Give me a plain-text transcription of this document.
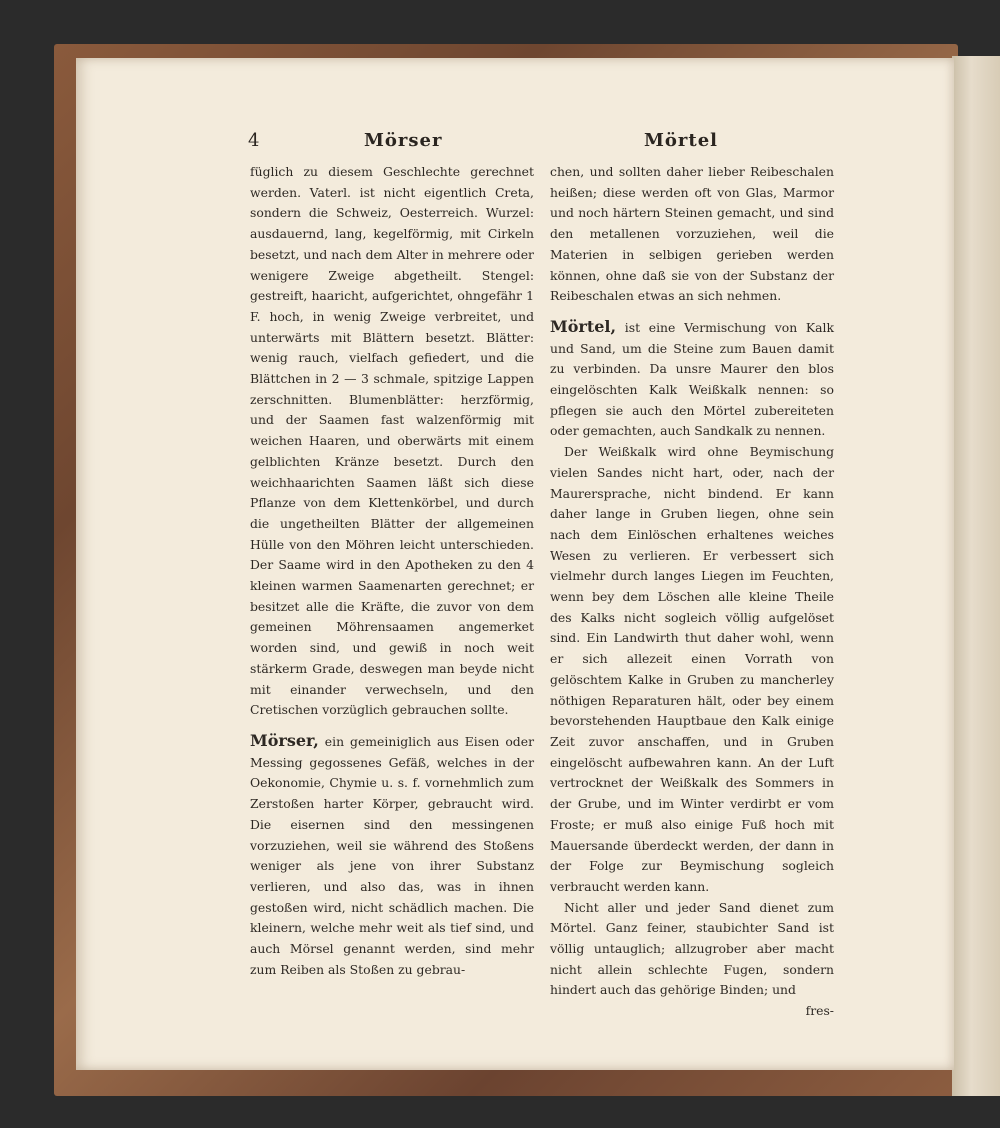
4	Mörser	Mörtel

füglich zu diesem Geschlechte gerechnet werden. Vaterl. ist nicht eigentlich Creta, sondern die Schweiz, Oesterreich. Wurzel: ausdauernd, lang, kegelförmig, mit Cirkeln besetzt, und nach dem Alter in mehrere oder wenigere Zweige abgetheilt. Stengel: gestreift, haaricht, aufgerichtet, ohngefähr 1 F. hoch, in wenig Zweige verbreitet, und unterwärts mit Blättern besetzt. Blätter: wenig rauch, vielfach gefiedert, und die Blättchen in 2 — 3 schmale, spitzige Lappen zerschnitten. Blumenblätter: herzförmig, und der Saamen fast walzenförmig mit weichen Haaren, und oberwärts mit einem gelblichten Kränze besetzt. Durch den weichhaarichten Saamen läßt sich diese Pflanze von dem Klettenkörbel, und durch die ungetheilten Blätter der allgemeinen Hülle von den Möhren leicht unterschieden. Der Saame wird in den Apotheken zu den 4 kleinen warmen Saamenarten gerechnet; er besitzet alle die Kräfte, die zuvor von dem gemeinen Möhrensaamen angemerket worden sind, und gewiß in noch weit stärkerm Grade, deswegen man beyde nicht mit einander verwechseln, und den Cretischen vorzüglich gebrauchen sollte.

Mörser, ein gemeiniglich aus Eisen oder Messing gegossenes Gefäß, welches in der Oekonomie, Chymie u. s. f. vornehmlich zum Zerstoßen harter Körper, gebraucht wird. Die eisernen sind den messingenen vorzuziehen, weil sie während des Stoßens weniger als jene von ihrer Substanz verlieren, und also das, was in ihnen gestoßen wird, nicht schädlich machen. Die kleinern, welche mehr weit als tief sind, und auch Mörsel genannt werden, sind mehr zum Reiben als Stoßen zu gebrau-

chen, und sollten daher lieber Reibeschalen heißen; diese werden oft von Glas, Marmor und noch härtern Steinen gemacht, und sind den metallenen vorzuziehen, weil die Materien in selbigen gerieben werden können, ohne daß sie von der Substanz der Reibeschalen etwas an sich nehmen.

Mörtel, ist eine Vermischung von Kalk und Sand, um die Steine zum Bauen damit zu verbinden. Da unsre Maurer den blos eingelöschten Kalk Weißkalk nennen: so pflegen sie auch den Mörtel zubereiteten oder gemachten, auch Sandkalk zu nennen.

Der Weißkalk wird ohne Beymischung vielen Sandes nicht hart, oder, nach der Maurersprache, nicht bindend. Er kann daher lange in Gruben liegen, ohne sein nach dem Einlöschen erhaltenes weiches Wesen zu verlieren. Er verbessert sich vielmehr durch langes Liegen im Feuchten, wenn bey dem Löschen alle kleine Theile des Kalks nicht sogleich völlig aufgelöset sind. Ein Landwirth thut daher wohl, wenn er sich allezeit einen Vorrath von gelöschtem Kalke in Gruben zu mancherley nöthigen Reparaturen hält, oder bey einem bevorstehenden Hauptbaue den Kalk einige Zeit zuvor anschaffen, und in Gruben eingelöscht aufbewahren kann. An der Luft vertrocknet der Weißkalk des Sommers in der Grube, und im Winter verdirbt er vom Froste; er muß also einige Fuß hoch mit Mauersande überdeckt werden, der dann in der Folge zur Beymischung sogleich verbraucht werden kann.

Nicht aller und jeder Sand dienet zum Mörtel. Ganz feiner, staubichter Sand ist völlig untauglich; allzugrober aber macht nicht allein schlechte Fugen, sondern hindert auch das gehörige Binden; und

fres-
